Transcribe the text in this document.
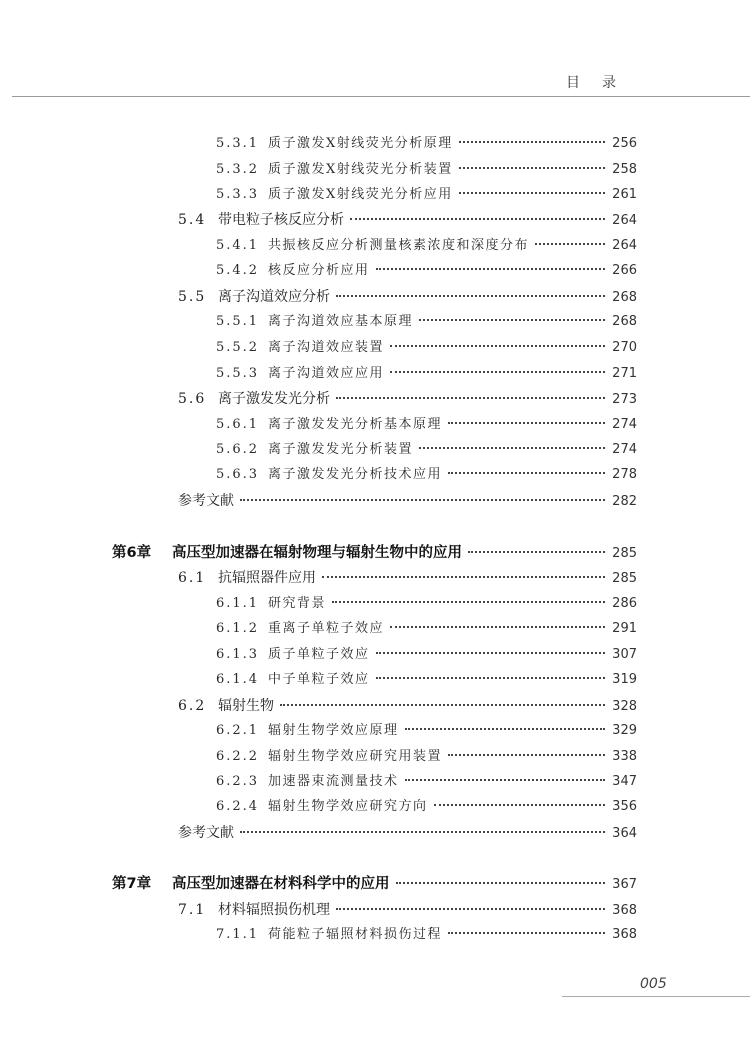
目录
5.3.1 质子激发X射线荧光分析原理	256
5.3.2 质子激发X射线荧光分析装置	258
5.3.3 质子激发X射线荧光分析应用	261
5.4 带电粒子核反应分析	264
5.4.1 共振核反应分析测量核素浓度和深度分布	264
5.4.2 核反应分析应用	266
5.5 离子沟道效应分析	268
5.5.1 离子沟道效应基本原理	268
5.5.2 离子沟道效应装置	270
5.5.3 离子沟道效应应用	271
5.6 离子激发发光分析	273
5.6.1 离子激发发光分析基本原理	274
5.6.2 离子激发发光分析装置	274
5.6.3 离子激发发光分析技术应用	278
参考文献	282
第6章	高压型加速器在辐射物理与辐射生物中的应用	285
6.1 抗辐照器件应用	285
6.1.1 研究背景	286
6.1.2 重离子单粒子效应	291
6.1.3 质子单粒子效应	307
6.1.4 中子单粒子效应	319
6.2 辐射生物	328
6.2.1 辐射生物学效应原理	329
6.2.2 辐射生物学效应研究用装置	338
6.2.3 加速器束流测量技术	347
6.2.4 辐射生物学效应研究方向	356
参考文献	364
第7章	高压型加速器在材料科学中的应用	367
7.1 材料辐照损伤机理	368
7.1.1 荷能粒子辐照材料损伤过程	368
005
